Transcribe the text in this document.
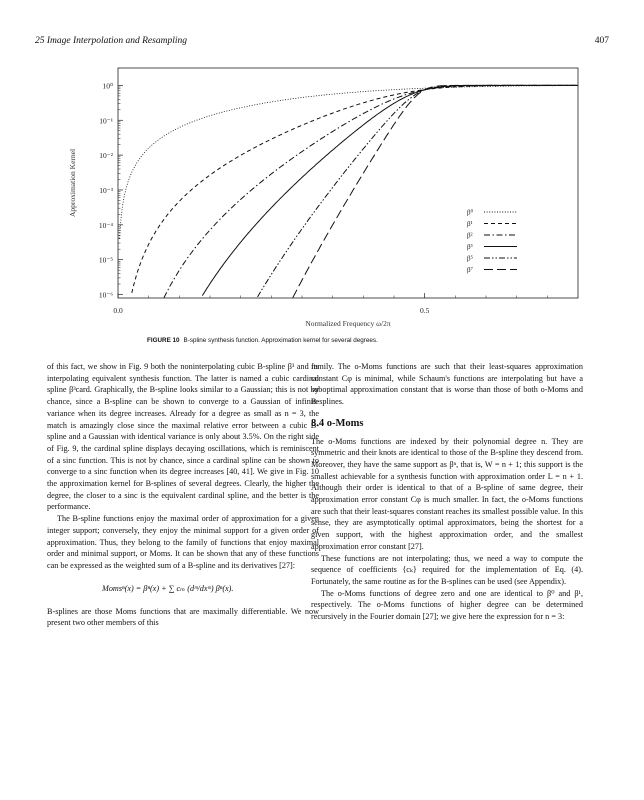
25 Image Interpolation and Resampling	407
10⁰
10⁻¹
10⁻²
10⁻³
10⁻⁴
10⁻⁵
10⁻⁶
0.0	0.5
β⁰
β¹
β²
β³
β⁵
β⁷
Approximation Kernel
Normalized Frequency ω/2π
FIGURE 10 B-spline synthesis function. Approximation kernel for several degrees.

of this fact, we show in Fig. 9 both the noninterpolating cubic B-spline β³ and its interpolating equivalent synthesis function. The latter is named a cubic cardinal spline β³card. Graphically, the B-spline looks similar to a Gaussian; this is not by chance, since a B-spline can be shown to converge to a Gaussian of infinite variance when its degree increases. Already for a degree as small as n = 3, the match is amazingly close since the maximal relative error between a cubic B-spline and a Gaussian with identical variance is only about 3.5%. On the right side of Fig. 9, the cardinal spline displays decaying oscillations, which is reminiscent of a sinc function. This is not by chance, since a cardinal spline can be shown to converge to a sinc function when its degree increases [40, 41]. We give in Fig. 10 the approximation kernel for B-splines of several degrees. Clearly, the higher the degree, the closer to a sinc is the equivalent cardinal spline, and the better is the performance.

The B-spline functions enjoy the maximal order of approximation for a given integer support; conversely, they enjoy the minimal support for a given order of approximation. Thus, they belong to the family of functions that enjoy maximal order and minimal support, or Moms. It can be shown that any of these functions can be expressed as the weighted sum of a B-spline and its derivatives [27]:

Momsⁿ(x) = βⁿ(x) + ∑ cₘ (dᵐ/dxᵐ) βⁿ(x).

B-splines are those Moms functions that are maximally differentiable. We now present two other members of this

family. The o-Moms functions are such that their least-squares approximation constant Cφ is minimal, while Schaum's functions are interpolating but have a suboptimal approximation constant that is worse than those of both o-Moms and B-splines.

8.4 o-Moms

The o-Moms functions are indexed by their polynomial degree n. They are symmetric and their knots are identical to those of the B-spline they descend from. Moreover, they have the same support as βⁿ, that is, W = n + 1; this support is the smallest achievable for a synthesis function with approximation order L = n + 1. Although their order is identical to that of a B-spline of same degree, their approximation error constant Cφ is much smaller. In fact, the o-Moms functions are such that their least-squares constant reaches its smallest possible value. In this sense, they are asymptotically optimal approximators, being the shortest for a given support, with the highest approximation order, and the smallest approximation error constant [27].

These functions are not interpolating; thus, we need a way to compute the sequence of coefficients {cₖ} required for the implementation of Eq. (4). Fortunately, the same routine as for the B-splines can be used (see Appendix).

The o-Moms functions of degree zero and one are identical to β⁰ and β¹, respectively. The o-Moms functions of higher degree can be determined recursively in the Fourier domain [27]; we give here the expression for n = 3:
